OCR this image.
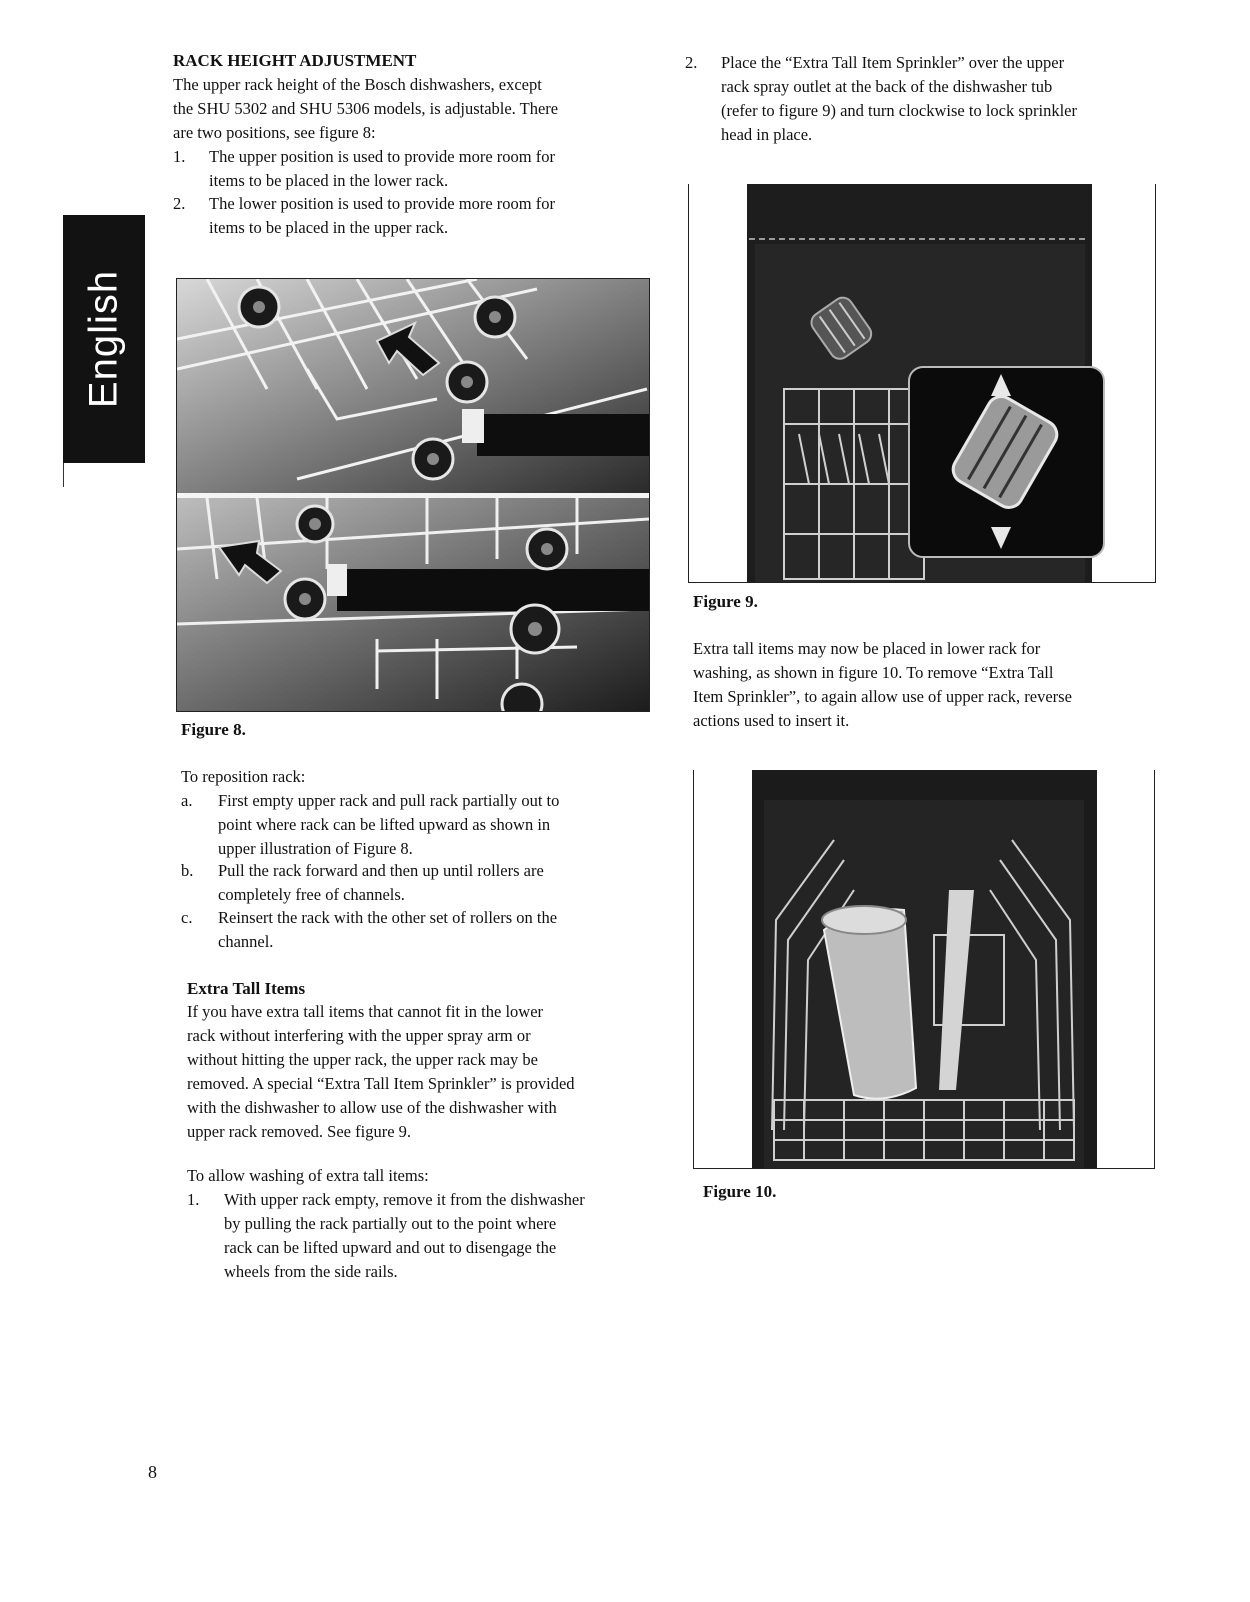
English
RACK HEIGHT ADJUSTMENT
The upper rack height of the Bosch dishwashers, except
the SHU 5302 and SHU 5306 models, is adjustable. There
are two positions, see figure 8:
1. The upper position is used to provide more room for
items to be placed in the lower rack.
2. The lower position is used to provide more room for
items to be placed in the upper rack.
Figure 8.
To reposition rack:
a. First empty upper rack and pull rack partially out to
point where rack can be lifted upward as shown in
upper illustration of Figure 8.
b. Pull the rack forward and then up until rollers are
completely free of channels.
c. Reinsert the rack with the other set of rollers on the
channel.
Extra Tall Items
If you have extra tall items that cannot fit in the lower
rack without interfering with the upper spray arm or
without hitting the upper rack, the upper rack may be
removed. A special “Extra Tall Item Sprinkler” is provided
with the dishwasher to allow use of the dishwasher with
upper rack removed. See figure 9.
To allow washing of extra tall items:
1. With upper rack empty, remove it from the dishwasher
by pulling the rack partially out to the point where
rack can be lifted upward and out to disengage the
wheels from the side rails.
2. Place the “Extra Tall Item Sprinkler” over the upper
rack spray outlet at the back of the dishwasher tub
(refer to figure 9) and turn clockwise to lock sprinkler
head in place.
Figure 9.
Extra tall items may now be placed in lower rack for
washing, as shown in figure 10. To remove “Extra Tall
Item Sprinkler”, to again allow use of upper rack, reverse
actions used to insert it.
Figure 10.
8
